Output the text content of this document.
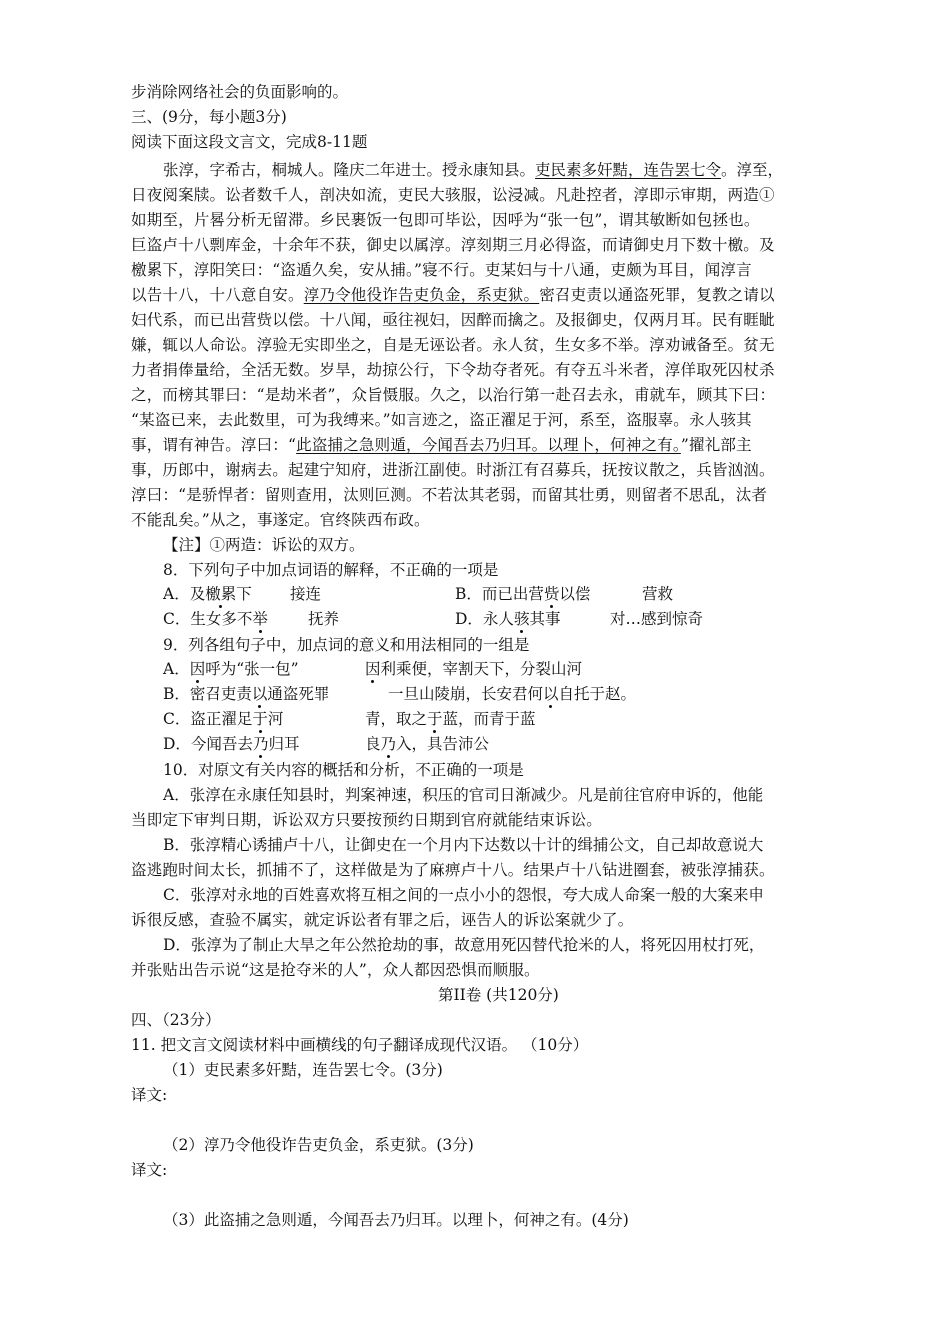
步消除网络社会的负面影响的。
三、(9分，每小题3分)
阅读下面这段文言文，完成8-11题
张淳，字希古，桐城人。隆庆二年进士。授永康知县。吏民素多奸黠，连告罢七令。淳至，
日夜阅案牍。讼者数千人，剖决如流，吏民大骇服，讼浸减。凡赴控者，淳即示审期，两造①
如期至，片晷分析无留滞。乡民裹饭一包即可毕讼，因呼为“张一包”，谓其敏断如包拯也。
巨盗卢十八剽库金，十余年不获，御史以属淳。淳刻期三月必得盗，而请御史月下数十檄。及
檄累下，淳阳笑曰：“盗遁久矣，安从捕。”寝不行。吏某妇与十八通，吏颇为耳目，闻淳言
以告十八，十八意自安。淳乃令他役诈告吏负金，系吏狱。密召吏责以通盗死罪，复教之请以
妇代系，而已出营赀以偿。十八闻，亟往视妇，因醉而擒之。及报御史，仅两月耳。民有睚眦
嫌，辄以人命讼。淳验无实即坐之，自是无诬讼者。永人贫，生女多不举。淳劝诫备至。贫无
力者捐俸量给，全活无数。岁旱，劫掠公行，下令劫夺者死。有夺五斗米者，淳佯取死囚杖杀
之，而榜其罪曰：“是劫米者”，众旨慑服。久之，以治行第一赴召去永，甫就车，顾其下曰：
“某盗已来，去此数里，可为我缚来。”如言迹之，盗正濯足于河，系至，盗服辜。永人骇其
事，谓有神告。淳曰：“此盗捕之急则遁，今闻吾去乃归耳。以理卜，何神之有。”擢礼部主
事，历郎中，谢病去。起建宁知府，进浙江副使。时浙江有召募兵，抚按议散之，兵皆汹汹。
淳曰：“是骄悍者：留则查用，汰则叵测。不若汰其老弱，而留其壮勇，则留者不思乱，汰者
不能乱矣。”从之，事遂定。官终陕西布政。
【注】①两造：诉讼的双方。
8．下列句子中加点词语的解释，不正确的一项是
A．及檄累下 接连	B．而已出营赀以偿	营救
C．生女多不举	抚养	D．永人骇其事	对…感到惊奇
9．列各组句子中，加点词的意义和用法相同的一组是
A．因呼为“张一包”	因利乘便，宰割天下，分裂山河
B．密召吏责以通盗死罪	一旦山陵崩，长安君何以自托于赵。
C．盗正濯足于河	青，取之于蓝，而青于蓝
D．今闻吾去乃归耳	良乃入，具告沛公
10．对原文有关内容的概括和分析，不正确的一项是
A．张淳在永康任知县时，判案神速，积压的官司日渐减少。凡是前往官府申诉的，他能
当即定下审判日期，诉讼双方只要按预约日期到官府就能结束诉讼。
B．张淳精心诱捕卢十八，让御史在一个月内下达数以十计的缉捕公文，自己却故意说大
盗逃跑时间太长，抓捕不了，这样做是为了麻痹卢十八。结果卢十八钻进圈套，被张淳捕获。
C．张淳对永地的百姓喜欢将互相之间的一点小小的怨恨，夸大成人命案一般的大案来申
诉很反感，查验不属实，就定诉讼者有罪之后，诬告人的诉讼案就少了。
D．张淳为了制止大旱之年公然抢劫的事，故意用死囚替代抢米的人，将死囚用杖打死，
并张贴出告示说“这是抢夺米的人”，众人都因恐惧而顺服。
第II卷 (共120分)
四、（23分）
11. 把文言文阅读材料中画横线的句子翻译成现代汉语。 （10分）
（1）吏民素多奸黠，连告罢七令。(3分)
译文:
（2）淳乃令他役诈告吏负金，系吏狱。(3分)
译文:
（3）此盗捕之急则遁，今闻吾去乃归耳。以理卜，何神之有。(4分)
